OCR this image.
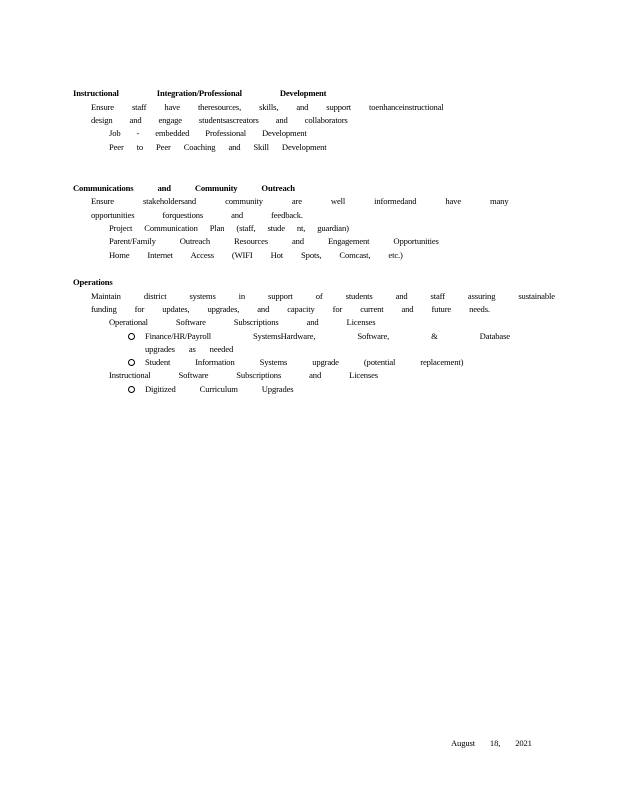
Instructional Integration/Professional Development
Ensure staff have theresources, skills, and support toenhanceinstructional
design and engage studentsascreators and collaborators
Job - embedded Professional Development
Peer to Peer Coaching and Skill Development
Communications and Community Outreach
Ensure stakeholdersand community are well informedand have many
opportunities forquestions and feedback.
Project Communication Plan (staff, stude nt, guardian)
Parent/Family Outreach Resources and Engagement Opportunities
Home Internet Access (WIFI Hot Spots, Comcast, etc.)
Operations
Maintain district systems in support of students and staff assuring sustainable
funding for updates, upgrades, and capacity for current and future needs.
Operational Software Subscriptions and Licenses
Finance/HR/Payroll SystemsHardware, Software, & Database
upgrades as needed
Student Information Systems upgrade (potential replacement)
Instructional Software Subscriptions and Licenses
Digitized Curriculum Upgrades
August 18, 2021
